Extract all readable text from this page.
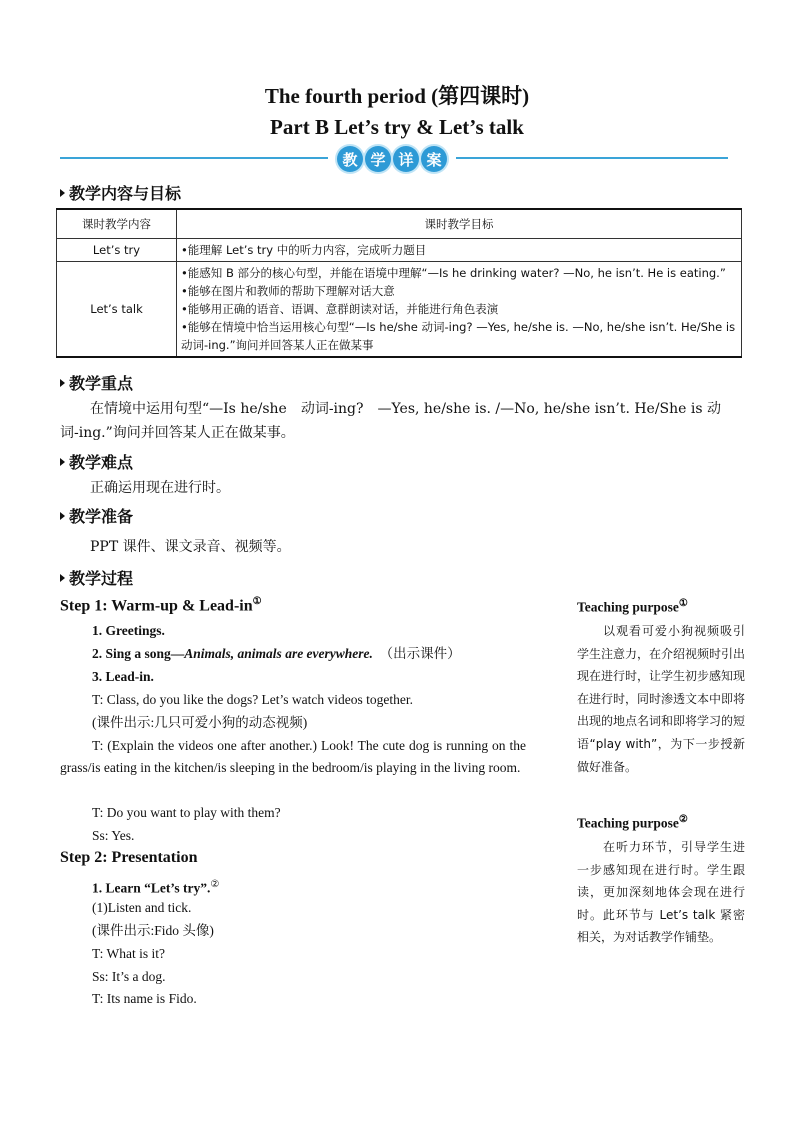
The fourth period (第四课时)
Part B Let’s try & Let’s talk
教 学 详 案
教学内容与目标
课时教学内容	课时教学目标
Let’s try	•能理解 Let’s try 中的听力内容，完成听力题目

Let’s talk	•能感知 B 部分的核心句型，并能在语境中理解“—Is he drinking water? —No, he isn’t. He is eating.”
•能够在图片和教师的帮助下理解对话大意
•能够用正确的语音、语调、意群朗读对话，并能进行角色表演
•能够在情境中恰当运用核心句型“—Is he/she 动词-ing? —Yes, he/she is. —No, he/she isn’t. He/She is 动词-ing.”询问并回答某人正在做某事
教学重点
在情境中运用句型“—Is he/she　动词-ing?　—Yes, he/she is. /—No, he/she isn’t. He/She is 动词-ing.”询问并回答某人正在做某事。
教学难点
正确运用现在进行时。
教学准备
PPT 课件、课文录音、视频等。
教学过程
Step 1: Warm-up & Lead-in①
1. Greetings.
2. Sing a song—Animals, animals are everywhere. （出示课件）
3. Lead-in.
T: Class, do you like the dogs? Let’s watch videos together.
(课件出示:几只可爱小狗的动态视频)
T: (Explain the videos one after another.) Look! The cute dog is running on the grass/is eating in the kitchen/is sleeping in the bedroom/is playing in the living room.
T: Do you want to play with them?
Ss: Yes.
Step 2: Presentation
1. Learn “Let’s try”.②
(1)Listen and tick.
(课件出示:Fido 头像)
T: What is it?
Ss: It’s a dog.
T: Its name is Fido.
Teaching purpose①
以观看可爱小狗视频吸引学生注意力，在介绍视频时引出现在进行时，让学生初步感知现在进行时，同时渗透文本中即将出现的地点名词和即将学习的短语“play with”，为下一步授新做好准备。
Teaching purpose②
在听力环节，引导学生进一步感知现在进行时。学生跟读，更加深刻地体会现在进行时。此环节与 Let’s talk 紧密相关，为对话教学作铺垫。
